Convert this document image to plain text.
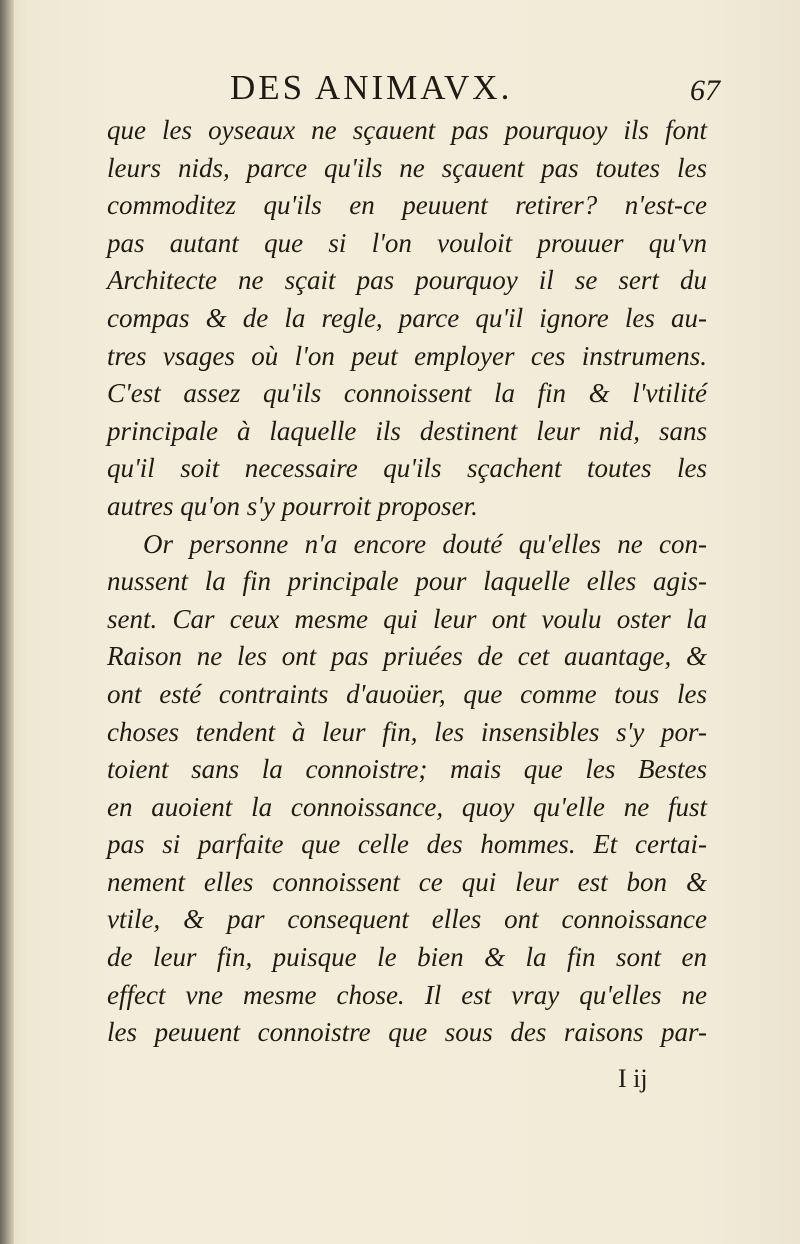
DES ANIMAVX.	67
que les oyseaux ne sçauent pas pourquoy ils font
leurs nids, parce qu'ils ne sçauent pas toutes les
commoditez qu'ils en peuuent retirer? n'est-ce
pas autant que si l'on vouloit prouuer qu'vn
Architecte ne sçait pas pourquoy il se sert du
compas & de la regle, parce qu'il ignore les au-
tres vsages où l'on peut employer ces instrumens.
C'est assez qu'ils connoissent la fin & l'vtilité
principale à laquelle ils destinent leur nid, sans
qu'il soit necessaire qu'ils sçachent toutes les
autres qu'on s'y pourroit proposer.
Or personne n'a encore douté qu'elles ne con-
nussent la fin principale pour laquelle elles agis-
sent. Car ceux mesme qui leur ont voulu oster la
Raison ne les ont pas priuées de cet auantage, &
ont esté contraints d'auoüer, que comme tous les
choses tendent à leur fin, les insensibles s'y por-
toient sans la connoistre; mais que les Bestes
en auoient la connoissance, quoy qu'elle ne fust
pas si parfaite que celle des hommes. Et certai-
nement elles connoissent ce qui leur est bon &
vtile, & par consequent elles ont connoissance
de leur fin, puisque le bien & la fin sont en
effect vne mesme chose. Il est vray qu'elles ne
les peuuent connoistre que sous des raisons par-
I ij
